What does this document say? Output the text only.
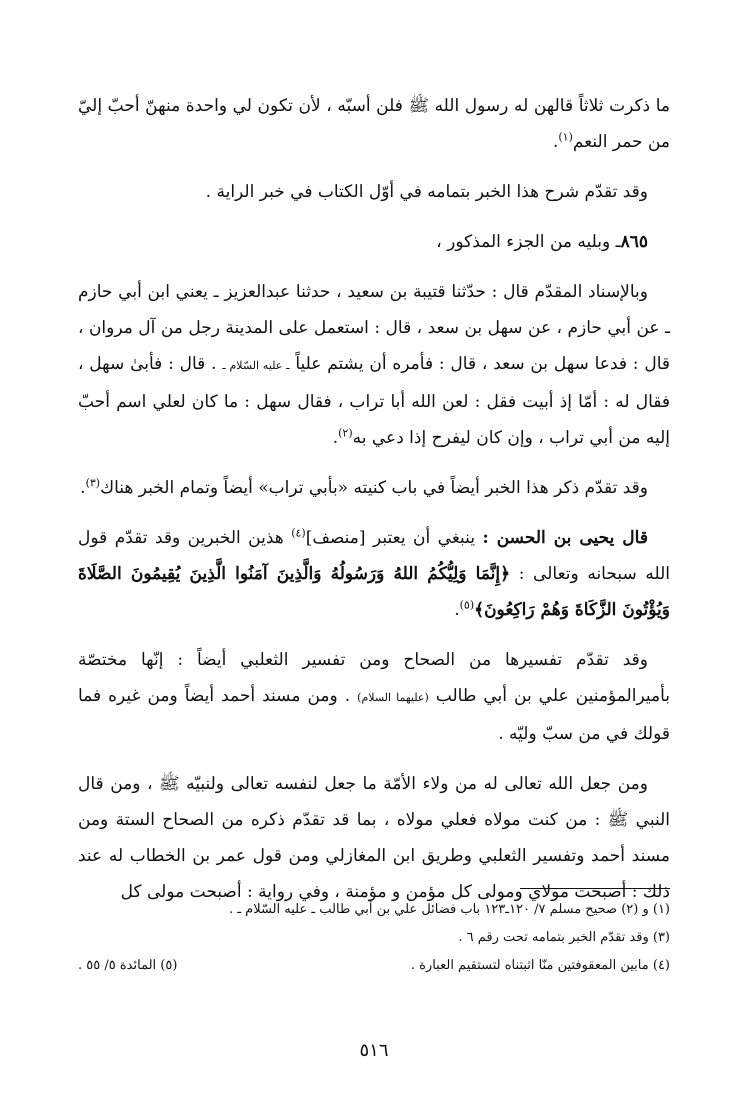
ما ذكرت ثلاثاً قالهن له رسول الله ﷺ فلن أسبّه ، لأن تكون لي واحدة منهنّ أحبّ إليّ من حمر النعم$^{(١)}$.

وقد تقدّم شرح هذا الخبر بتمامه في أوّل الكتاب في خبر الراية .

٨٦٥ـ وبليه من الجزء المذكور ،

وبالإسناد المقدّم قال : حدّثنا قتيبة بن سعيد ، حدثنا عبدالعزيز ـ يعني ابن أبي حازم ـ عن أبي حازم ، عن سهل بن سعد ، قال : استعمل على المدينة رجل من آل مروان ، قال : فدعا سهل بن سعد ، قال : فأمره أن يشتم علياً ـ عليه السّلام ـ . قال : فأبىٰ سهل ، فقال له : أمّا إذ أبيت فقل : لعن الله أبا تراب ، فقال سهل : ما كان لعلي اسم أحبّ إليه من أبي تراب ، وإن كان ليفرح إذا دعي به$^{(٢)}$.

وقد تقدّم ذكر هذا الخبر أيضاً في باب كنيته «بأبي تراب» أيضاً وتمام الخبر هناك$^{(٣)}$.

قال يحيى بن الحسن : ينبغي أن يعتبر [منصف]$^{(٤)}$ هذين الخبرين وقد تقدّم قول الله سبحانه وتعالى : ﴿إِنَّمَا وَلِيُّكُمُ اللهُ وَرَسُولُهُ وَالَّذِينَ آمَنُوا الَّذِينَ يُقِيمُونَ الصَّلَاةَ وَيُؤْتُونَ الزَّكَاةَ وَهُمْ رَاكِعُونَ﴾$^{(٥)}$.

وقد تقدّم تفسيرها من الصحاح ومن تفسير الثعلبي أيضاً : إنّها مختصّة بأميرالمؤمنين علي بن أبي طالب (عليهما السلام) . ومن مسند أحمد أيضاً ومن غيره فما قولك في من سبّ وليّه .

ومن جعل الله تعالى له من ولاء الأمّة ما جعل لنفسه تعالى ولنبيّه ﷺ ، ومن قال النبي ﷺ : من كنت مولاه فعلي مولاه ، بما قد تقدّم ذكره من الصحاح الستة ومن مسند أحمد وتفسير الثعلبي وطريق ابن المغازلي ومن قول عمر بن الخطاب له عند ذلك : أصبحت مولاي ومولى كل مؤمن و مؤمنة ، وفي رواية : أصبحت مولى كل

(١) و (٢) صحيح مسلم ٧/ ١٢٠ـ١٢٣ باب فضائل علي بن أبي طالب ـ عليه السّلام ـ .

(٣) وقد تقدّم الخبر بتمامه تحت رقم ٦ .

(٤) مابين المعقوفتين منّا اثبتناه لتستقيم العبارة .
(٥) المائدة ٥/ ٥٥ .
٥١٦
